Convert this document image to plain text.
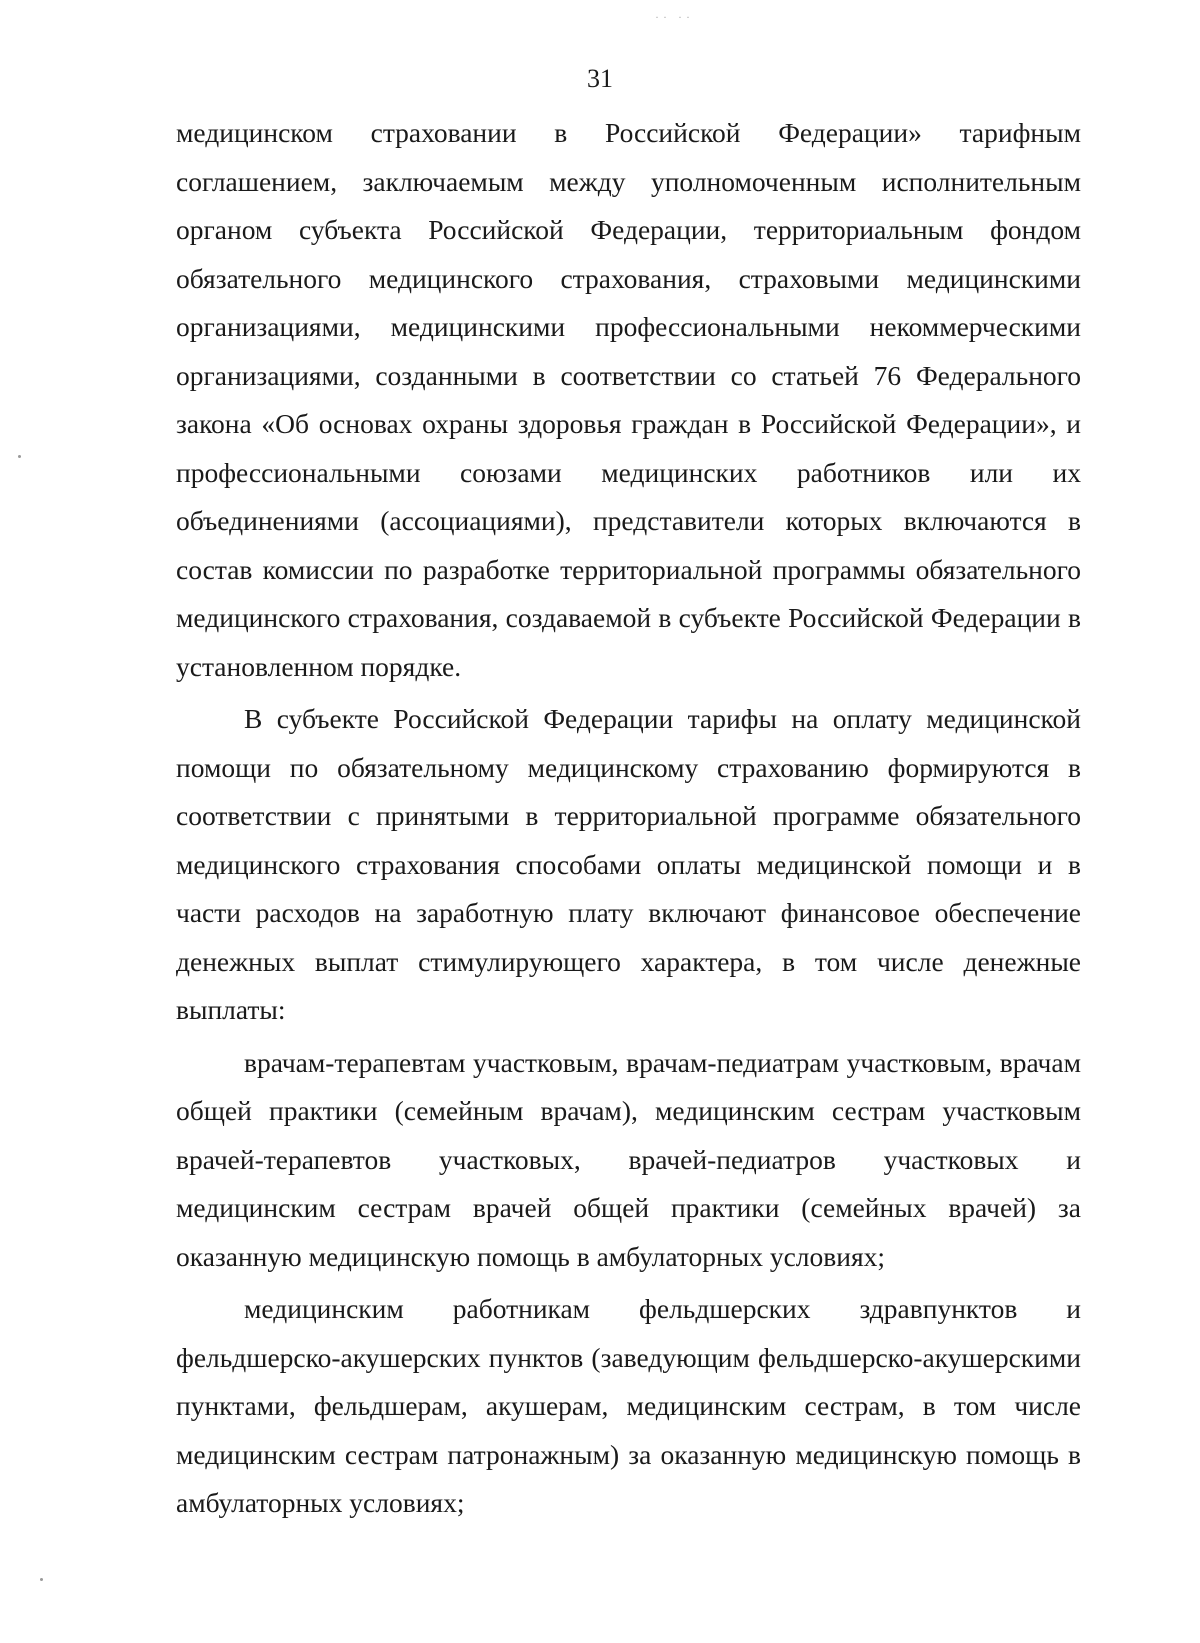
·· ··
31

медицинском страховании в Российской Федерации» тарифным соглашением, заключаемым между уполномоченным исполнительным органом субъекта Российской Федерации, территориальным фондом обязательного медицинского страхования, страховыми медицинскими организациями, медицинскими профессиональными некоммерческими организациями, созданными в соответствии со статьей 76 Федерального закона «Об основах охраны здоровья граждан в Российской Федерации», и профессиональными союзами медицинских работников или их объединениями (ассоциациями), представители которых включаются в состав комиссии по разработке территориальной программы обязательного медицинского страхования, создаваемой в субъекте Российской Федерации в установленном порядке.

В субъекте Российской Федерации тарифы на оплату медицинской помощи по обязательному медицинскому страхованию формируются в соответствии с принятыми в территориальной программе обязательного медицинского страхования способами оплаты медицинской помощи и в части расходов на заработную плату включают финансовое обеспечение денежных выплат стимулирующего характера, в том числе денежные выплаты:

врачам-терапевтам участковым, врачам-педиатрам участковым, врачам общей практики (семейным врачам), медицинским сестрам участковым врачей-терапевтов участковых, врачей-педиатров участковых и медицинским сестрам врачей общей практики (семейных врачей) за оказанную медицинскую помощь в амбулаторных условиях;

медицинским работникам фельдшерских здравпунктов и фельдшерско-акушерских пунктов (заведующим фельдшерско-акушерскими пунктами, фельдшерам, акушерам, медицинским сестрам, в том числе медицинским сестрам патронажным) за оказанную медицинскую помощь в амбулаторных условиях;
